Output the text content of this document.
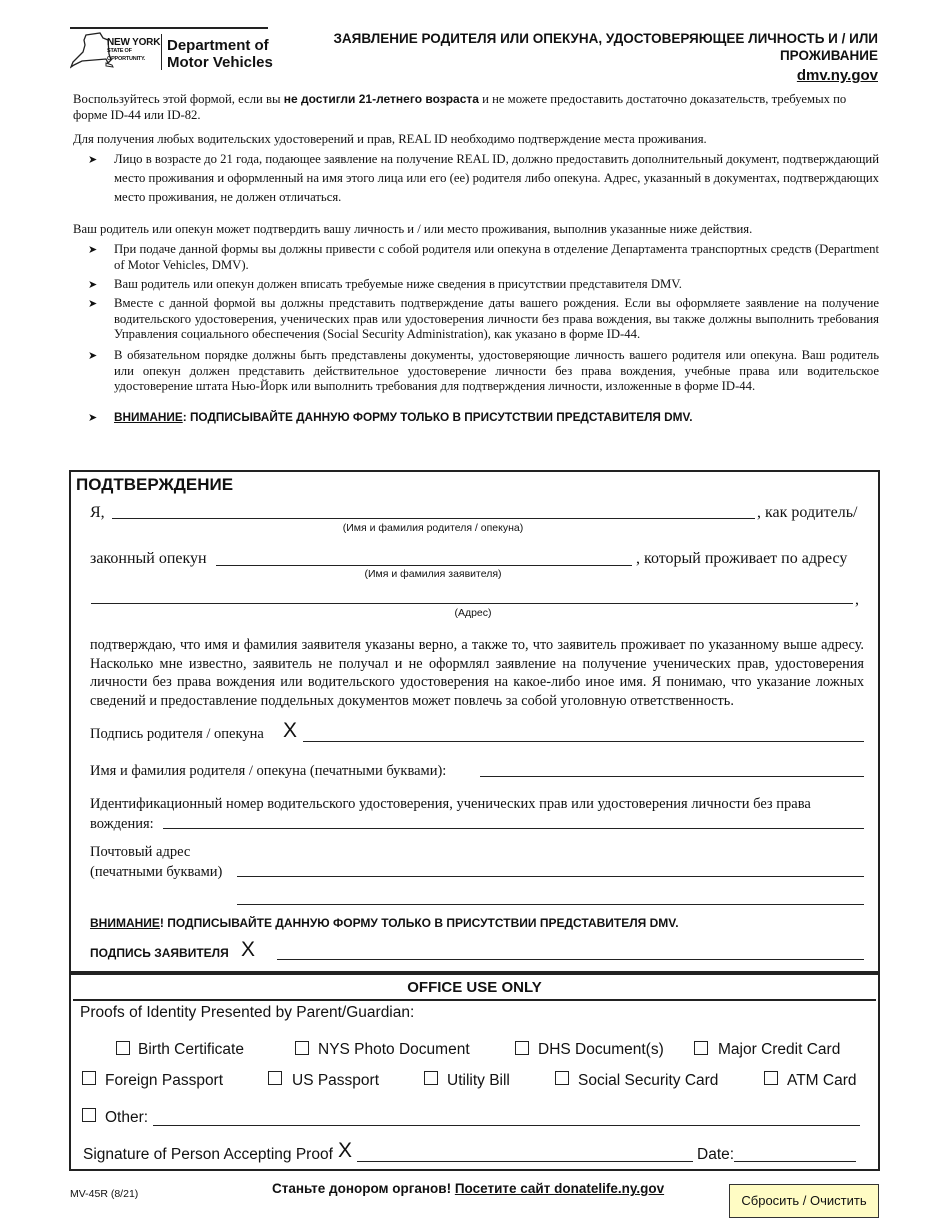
NEW YORK
STATE OF
OPPORTUNITY.
Department of
Motor Vehicles
ЗАЯВЛЕНИЕ РОДИТЕЛЯ ИЛИ ОПЕКУНА, УДОСТОВЕРЯЮЩЕЕ ЛИЧНОСТЬ И / ИЛИ
ПРОЖИВАНИЕ
dmv.ny.gov
Воспользуйтесь этой формой, если вы не достигли 21-летнего возраста и не можете предоставить достаточно доказательств, требуемых по форме ID-44 или ID-82.
Для получения любых водительских удостоверений и прав, REAL ID необходимо подтверждение места проживания.
➤	Лицо в возрасте до 21 года, подающее заявление на получение REAL ID, должно предоставить дополнительный документ, подтверждающий место проживания и оформленный на имя этого лица или его (ее) родителя либо опекуна. Адрес, указанный в документах, подтверждающих место проживания, не должен отличаться.
Ваш родитель или опекун может подтвердить вашу личность и / или место проживания, выполнив указанные ниже действия.
➤	При подаче данной формы вы должны привести с собой родителя или опекуна в отделение Департамента транспортных средств (Department of Motor Vehicles, DMV).
➤	Ваш родитель или опекун должен вписать требуемые ниже сведения в присутствии представителя DMV.
➤	Вместе с данной формой вы должны представить подтверждение даты вашего рождения. Если вы оформляете заявление на получение водительского удостоверения, ученических прав или удостоверения личности без права вождения, вы также должны выполнить требования Управления социального обеспечения (Social Security Administration), как указано в форме ID-44.
➤	В обязательном порядке должны быть представлены документы, удостоверяющие личность вашего родителя или опекуна. Ваш родитель или опекун должен представить действительное удостоверение личности без права вождения, учебные права или водительское удостоверение штата Нью-Йорк или выполнить требования для подтверждения личности, изложенные в форме ID-44.
➤	ВНИМАНИЕ: ПОДПИСЫВАЙТЕ ДАННУЮ ФОРМУ ТОЛЬКО В ПРИСУТСТВИИ ПРЕДСТАВИТЕЛЯ DMV.
ПОДТВЕРЖДЕНИЕ
Я,	, как родитель/
(Имя и фамилия родителя / опекуна)
законный опекун	, который проживает по адресу
(Имя и фамилия заявителя)
,
(Адрес)
подтверждаю, что имя и фамилия заявителя указаны верно, а также то, что заявитель проживает по указанному выше адресу. Насколько мне известно, заявитель не получал и не оформлял заявление на получение ученических прав, удостоверения личности без права вождения или водительского удостоверения на какое-либо иное имя. Я понимаю, что указание ложных сведений и предоставление поддельных документов может повлечь за собой уголовную ответственность.
Подпись родителя / опекуна X
Имя и фамилия родителя / опекуна (печатными буквами):
Идентификационный номер водительского удостоверения, ученических прав или удостоверения личности без права
вождения:
Почтовый адрес
(печатными буквами)
ВНИМАНИЕ! ПОДПИСЫВАЙТЕ ДАННУЮ ФОРМУ ТОЛЬКО В ПРИСУТСТВИИ ПРЕДСТАВИТЕЛЯ DMV.
ПОДПИСЬ ЗАЯВИТЕЛЯ X
OFFICE USE ONLY
Proofs of Identity Presented by Parent/Guardian:
Birth Certificate	NYS Photo Document	DHS Document(s)	Major Credit Card
Foreign Passport	US Passport	Utility Bill	Social Security Card	ATM Card
Other:
Signature of Person Accepting Proof X	Date:
MV-45R (8/21)	Станьте донором органов! Посетите сайт donatelife.ny.gov
Сбросить / Очистить
